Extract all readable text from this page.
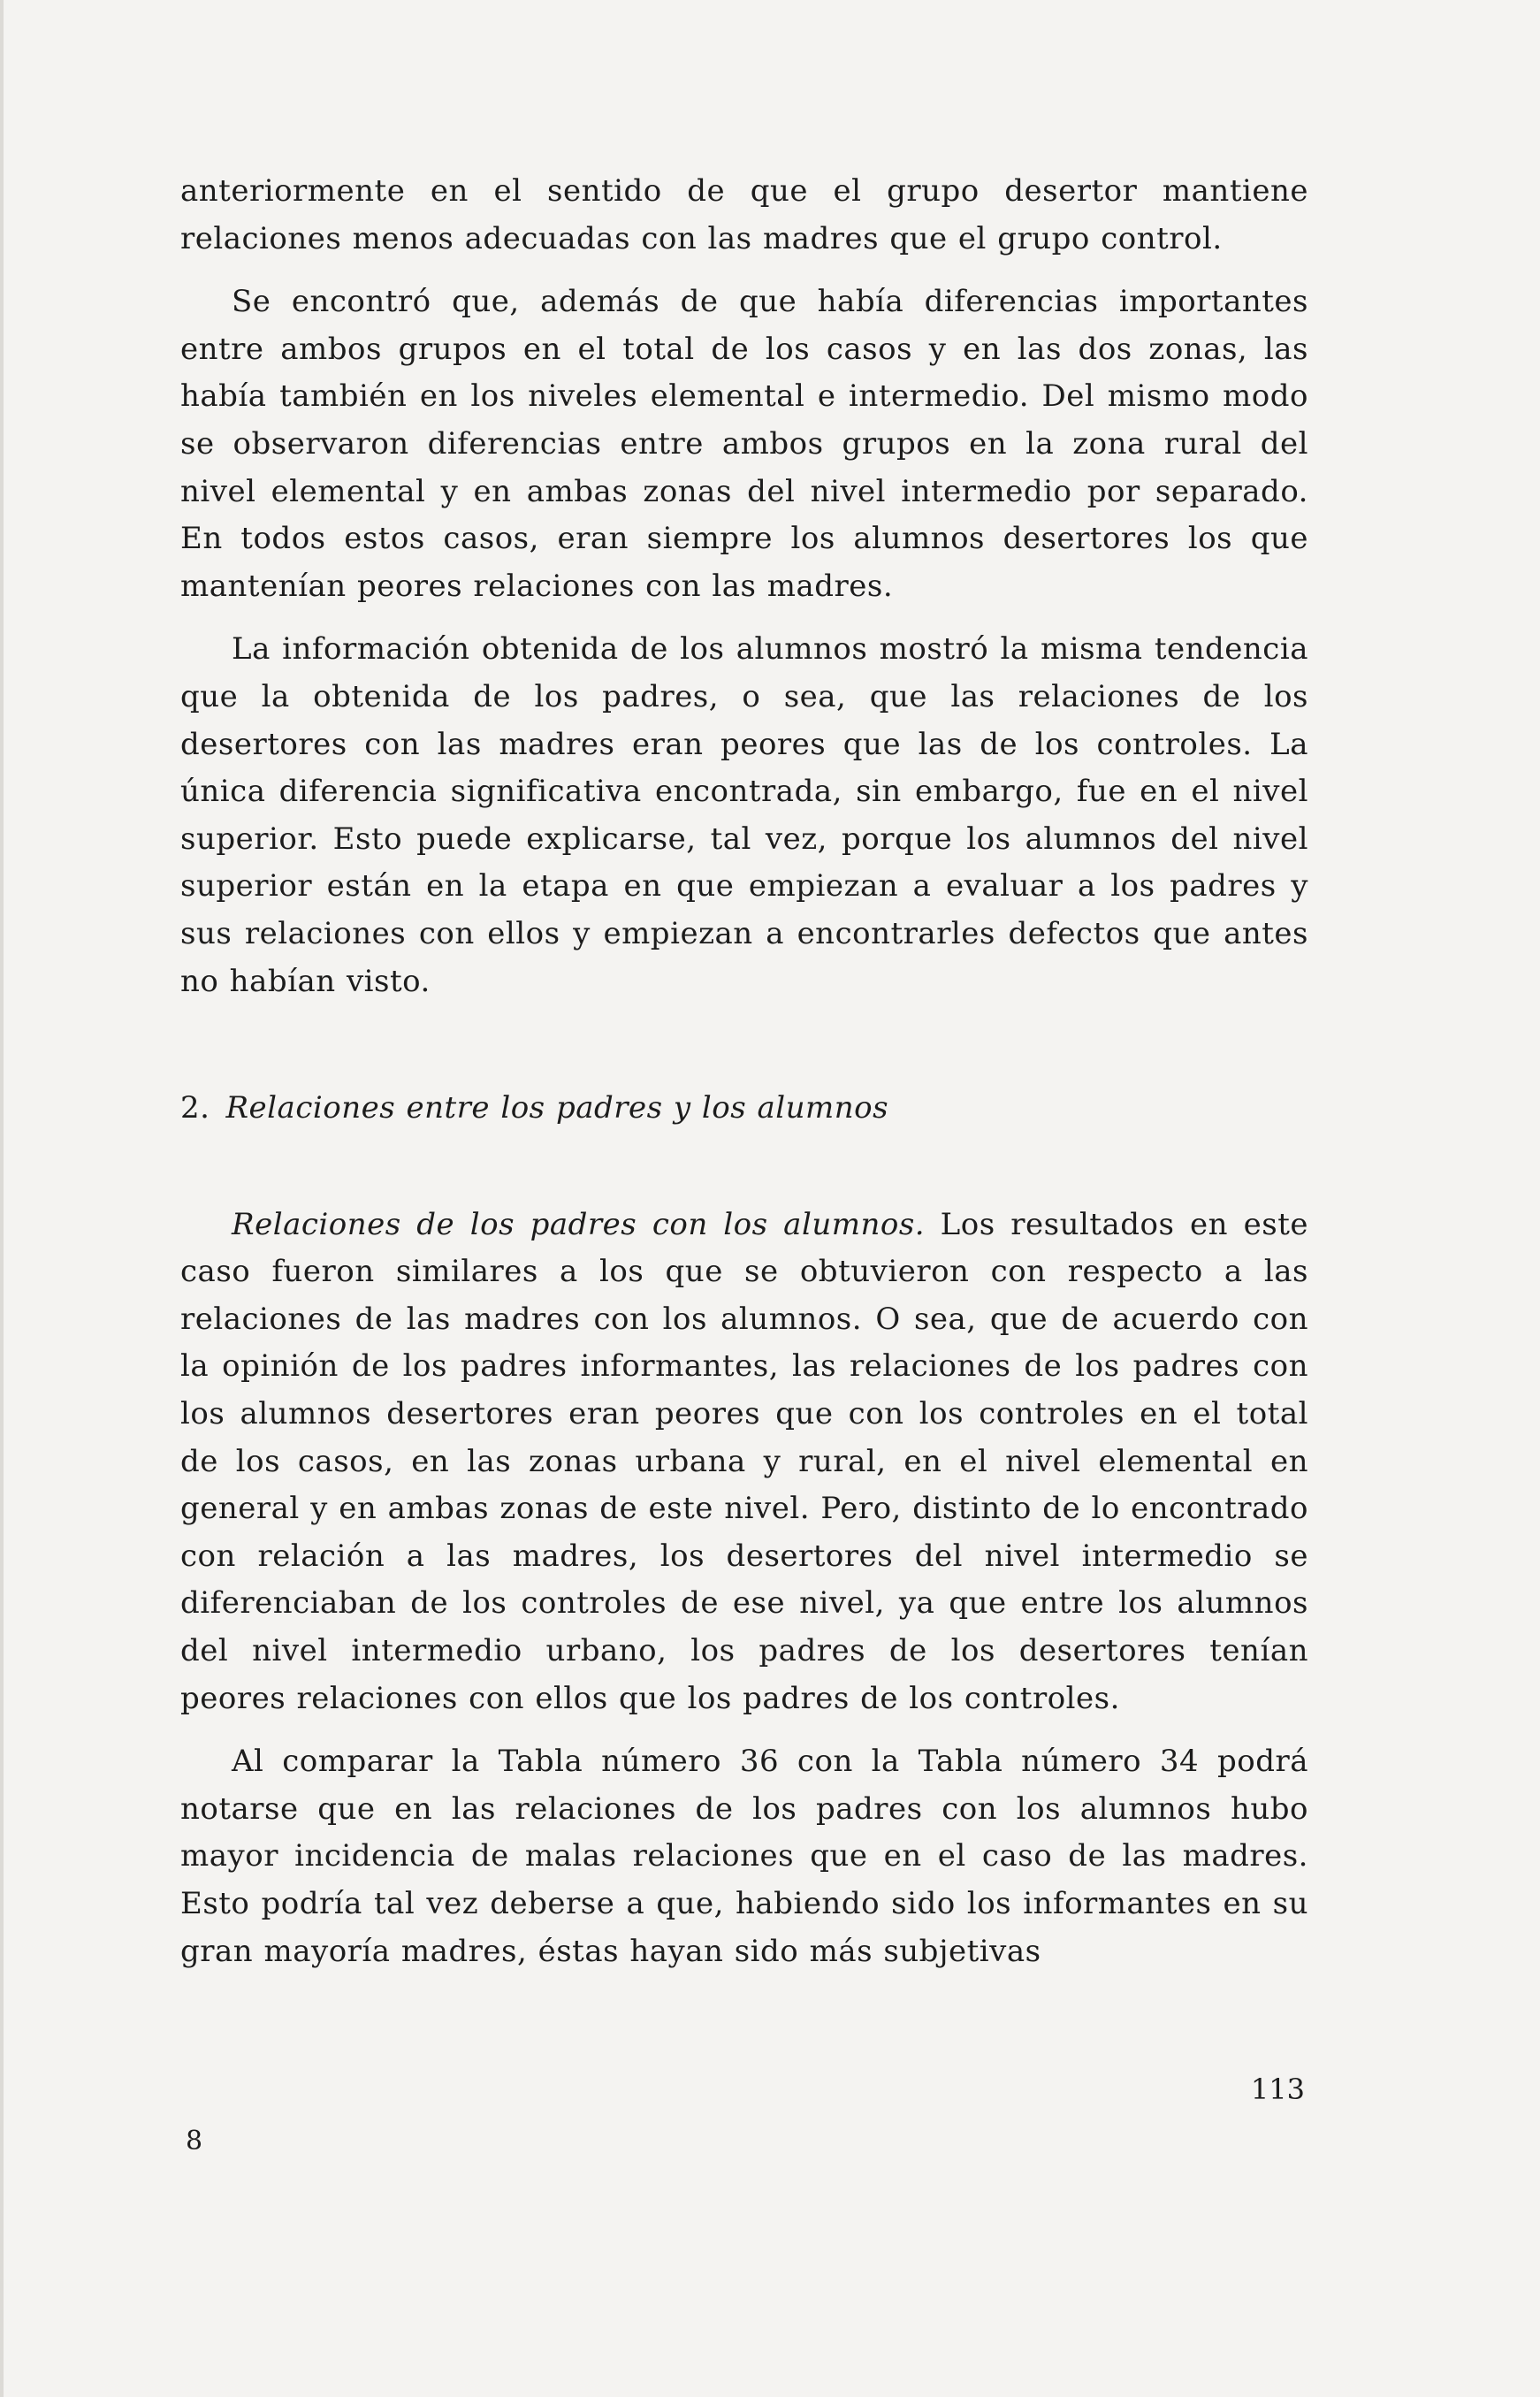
anteriormente en el sentido de que el grupo desertor mantiene relaciones menos adecuadas con las madres que el grupo control.

Se encontró que, además de que había diferencias importantes entre ambos grupos en el total de los casos y en las dos zonas, las había también en los niveles elemental e intermedio. Del mismo modo se observaron diferencias entre ambos grupos en la zona rural del nivel elemental y en ambas zonas del nivel intermedio por separado. En todos estos casos, eran siempre los alumnos desertores los que mantenían peores relaciones con las madres.

La información obtenida de los alumnos mostró la misma tendencia que la obtenida de los padres, o sea, que las relaciones de los desertores con las madres eran peores que las de los controles. La única diferencia significativa encontrada, sin embargo, fue en el nivel superior. Esto puede explicarse, tal vez, porque los alumnos del nivel superior están en la etapa en que empiezan a evaluar a los padres y sus relaciones con ellos y empiezan a encontrarles defectos que antes no habían visto.

2. Relaciones entre los padres y los alumnos

Relaciones de los padres con los alumnos. Los resultados en este caso fueron similares a los que se obtuvieron con respecto a las relaciones de las madres con los alumnos. O sea, que de acuerdo con la opinión de los padres informantes, las relaciones de los padres con los alumnos desertores eran peores que con los controles en el total de los casos, en las zonas urbana y rural, en el nivel elemental en general y en ambas zonas de este nivel. Pero, distinto de lo encontrado con relación a las madres, los desertores del nivel intermedio se diferenciaban de los controles de ese nivel, ya que entre los alumnos del nivel intermedio urbano, los padres de los desertores tenían peores relaciones con ellos que los padres de los controles.

Al comparar la Tabla número 36 con la Tabla número 34 podrá notarse que en las relaciones de los padres con los alumnos hubo mayor incidencia de malas relaciones que en el caso de las madres. Esto podría tal vez deberse a que, habiendo sido los informantes en su gran mayoría madres, éstas hayan sido más subjetivas

113
8
